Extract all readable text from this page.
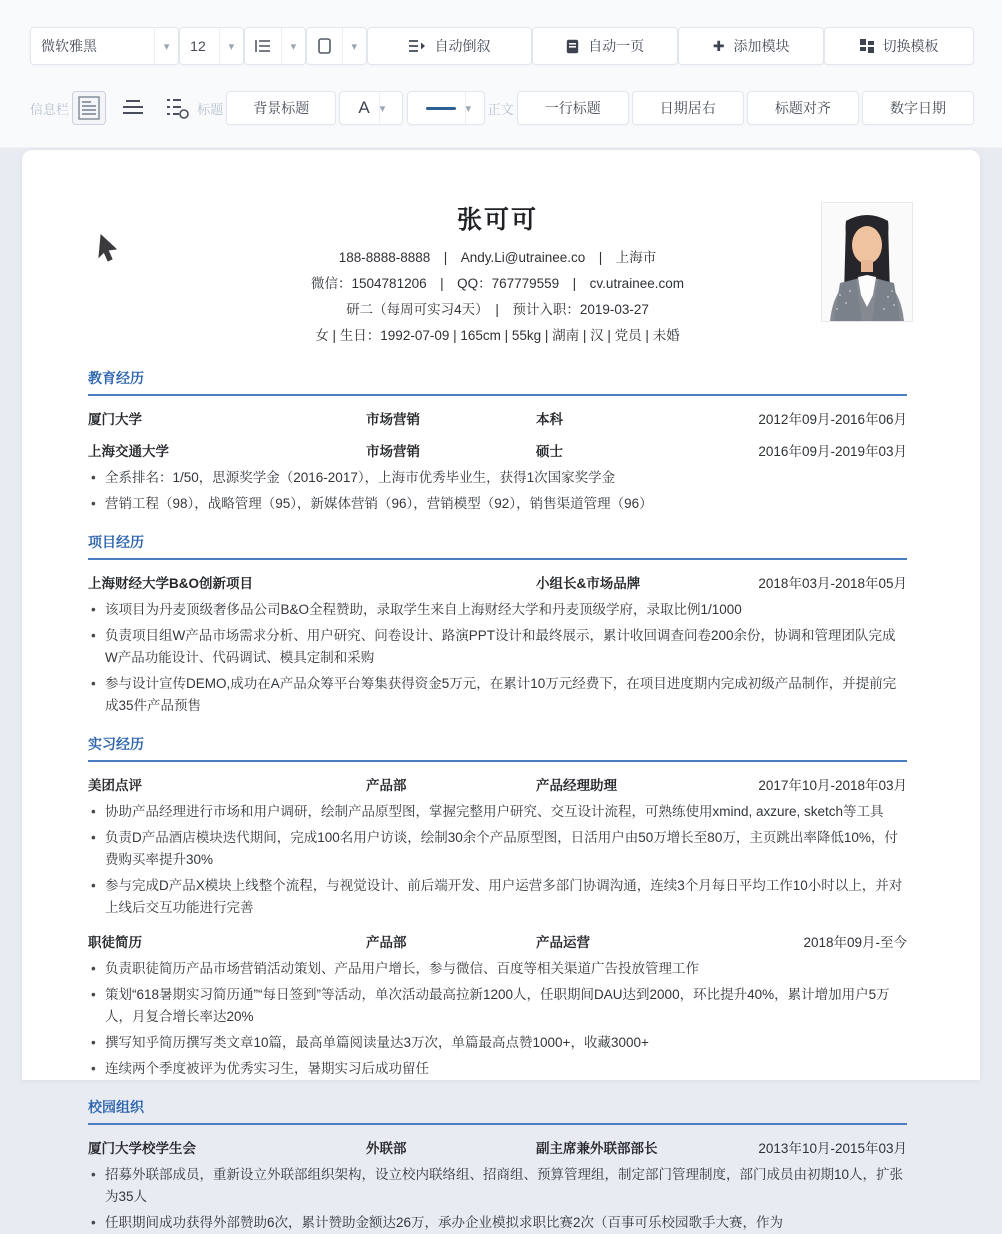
微软雅黑	▾	12	▾	▾	▾	自动倒叙	自动一页	✚ 添加模块	切换模板
信息栏	标题 背景标题	A ▾	▾ 正文 一行标题	日期居右	标题对齐	数字日期
张可可
188-8888-8888　|　Andy.Li@utrainee.co　|　上海市
微信：1504781206　|　QQ：767779559　|　cv.utrainee.com
研二（每周可实习4天）　|　预计入职：2019-03-27
女 | 生日：1992-07-09 | 165cm | 55kg | 湖南 | 汉 | 党员 | 未婚
教育经历
厦门大学	市场营销	本科	2012年09月-2016年06月
上海交通大学	市场营销	硕士	2016年09月-2019年03月
• 全系排名：1/50，思源奖学金（2016-2017），上海市优秀毕业生，获得1次国家奖学金
• 营销工程（98），战略管理（95），新媒体营销（96），营销模型（92），销售渠道管理（96）
项目经历
上海财经大学B&O创新项目	小组长&市场品牌	2018年03月-2018年05月
• 该项目为丹麦顶级奢侈品公司B&O全程赞助，录取学生来自上海财经大学和丹麦顶级学府，录取比例1/1000
• 负责项目组W产品市场需求分析、用户研究、问卷设计、路演PPT设计和最终展示，累计收回调查问卷200余份，协调和管理团队完成W产品功能设计、代码调试、模具定制和采购
• 参与设计宣传DEMO,成功在A产品众筹平台筹集获得资金5万元，在累计10万元经费下，在项目进度期内完成初级产品制作，并提前完成35件产品预售
实习经历
美团点评	产品部	产品经理助理	2017年10月-2018年03月
• 协助产品经理进行市场和用户调研，绘制产品原型图，掌握完整用户研究、交互设计流程，可熟练使用xmind, axzure, sketch等工具
• 负责D产品酒店模块迭代期间，完成100名用户访谈，绘制30余个产品原型图，日活用户由50万增长至80万，主页跳出率降低10%，付费购买率提升30%
• 参与完成D产品X模块上线整个流程，与视觉设计、前后端开发、用户运营多部门协调沟通，连续3个月每日平均工作10小时以上，并对上线后交互功能进行完善
职徒简历	产品部	产品运营	2018年09月-至今
• 负责职徒简历产品市场营销活动策划、产品用户增长，参与微信、百度等相关渠道广告投放管理工作
• 策划“618暑期实习简历通”“每日签到”等活动，单次活动最高拉新1200人，任职期间DAU达到2000，环比提升40%，累计增加用户5万人，月复合增长率达20%
• 撰写知乎简历撰写类文章10篇，最高单篇阅读量达3万次，单篇最高点赞1000+，收藏3000+
• 连续两个季度被评为优秀实习生，暑期实习后成功留任
校园组织
厦门大学校学生会	外联部	副主席兼外联部部长	2013年10月-2015年03月
• 招募外联部成员，重新设立外联部组织架构，设立校内联络组、招商组、预算管理组，制定部门管理制度，部门成员由初期10人，扩张为35人
• 任职期间成功获得外部赞助6次，累计赞助金额达26万，承办企业模拟求职比赛2次（百事可乐校园歌手大赛，作为
